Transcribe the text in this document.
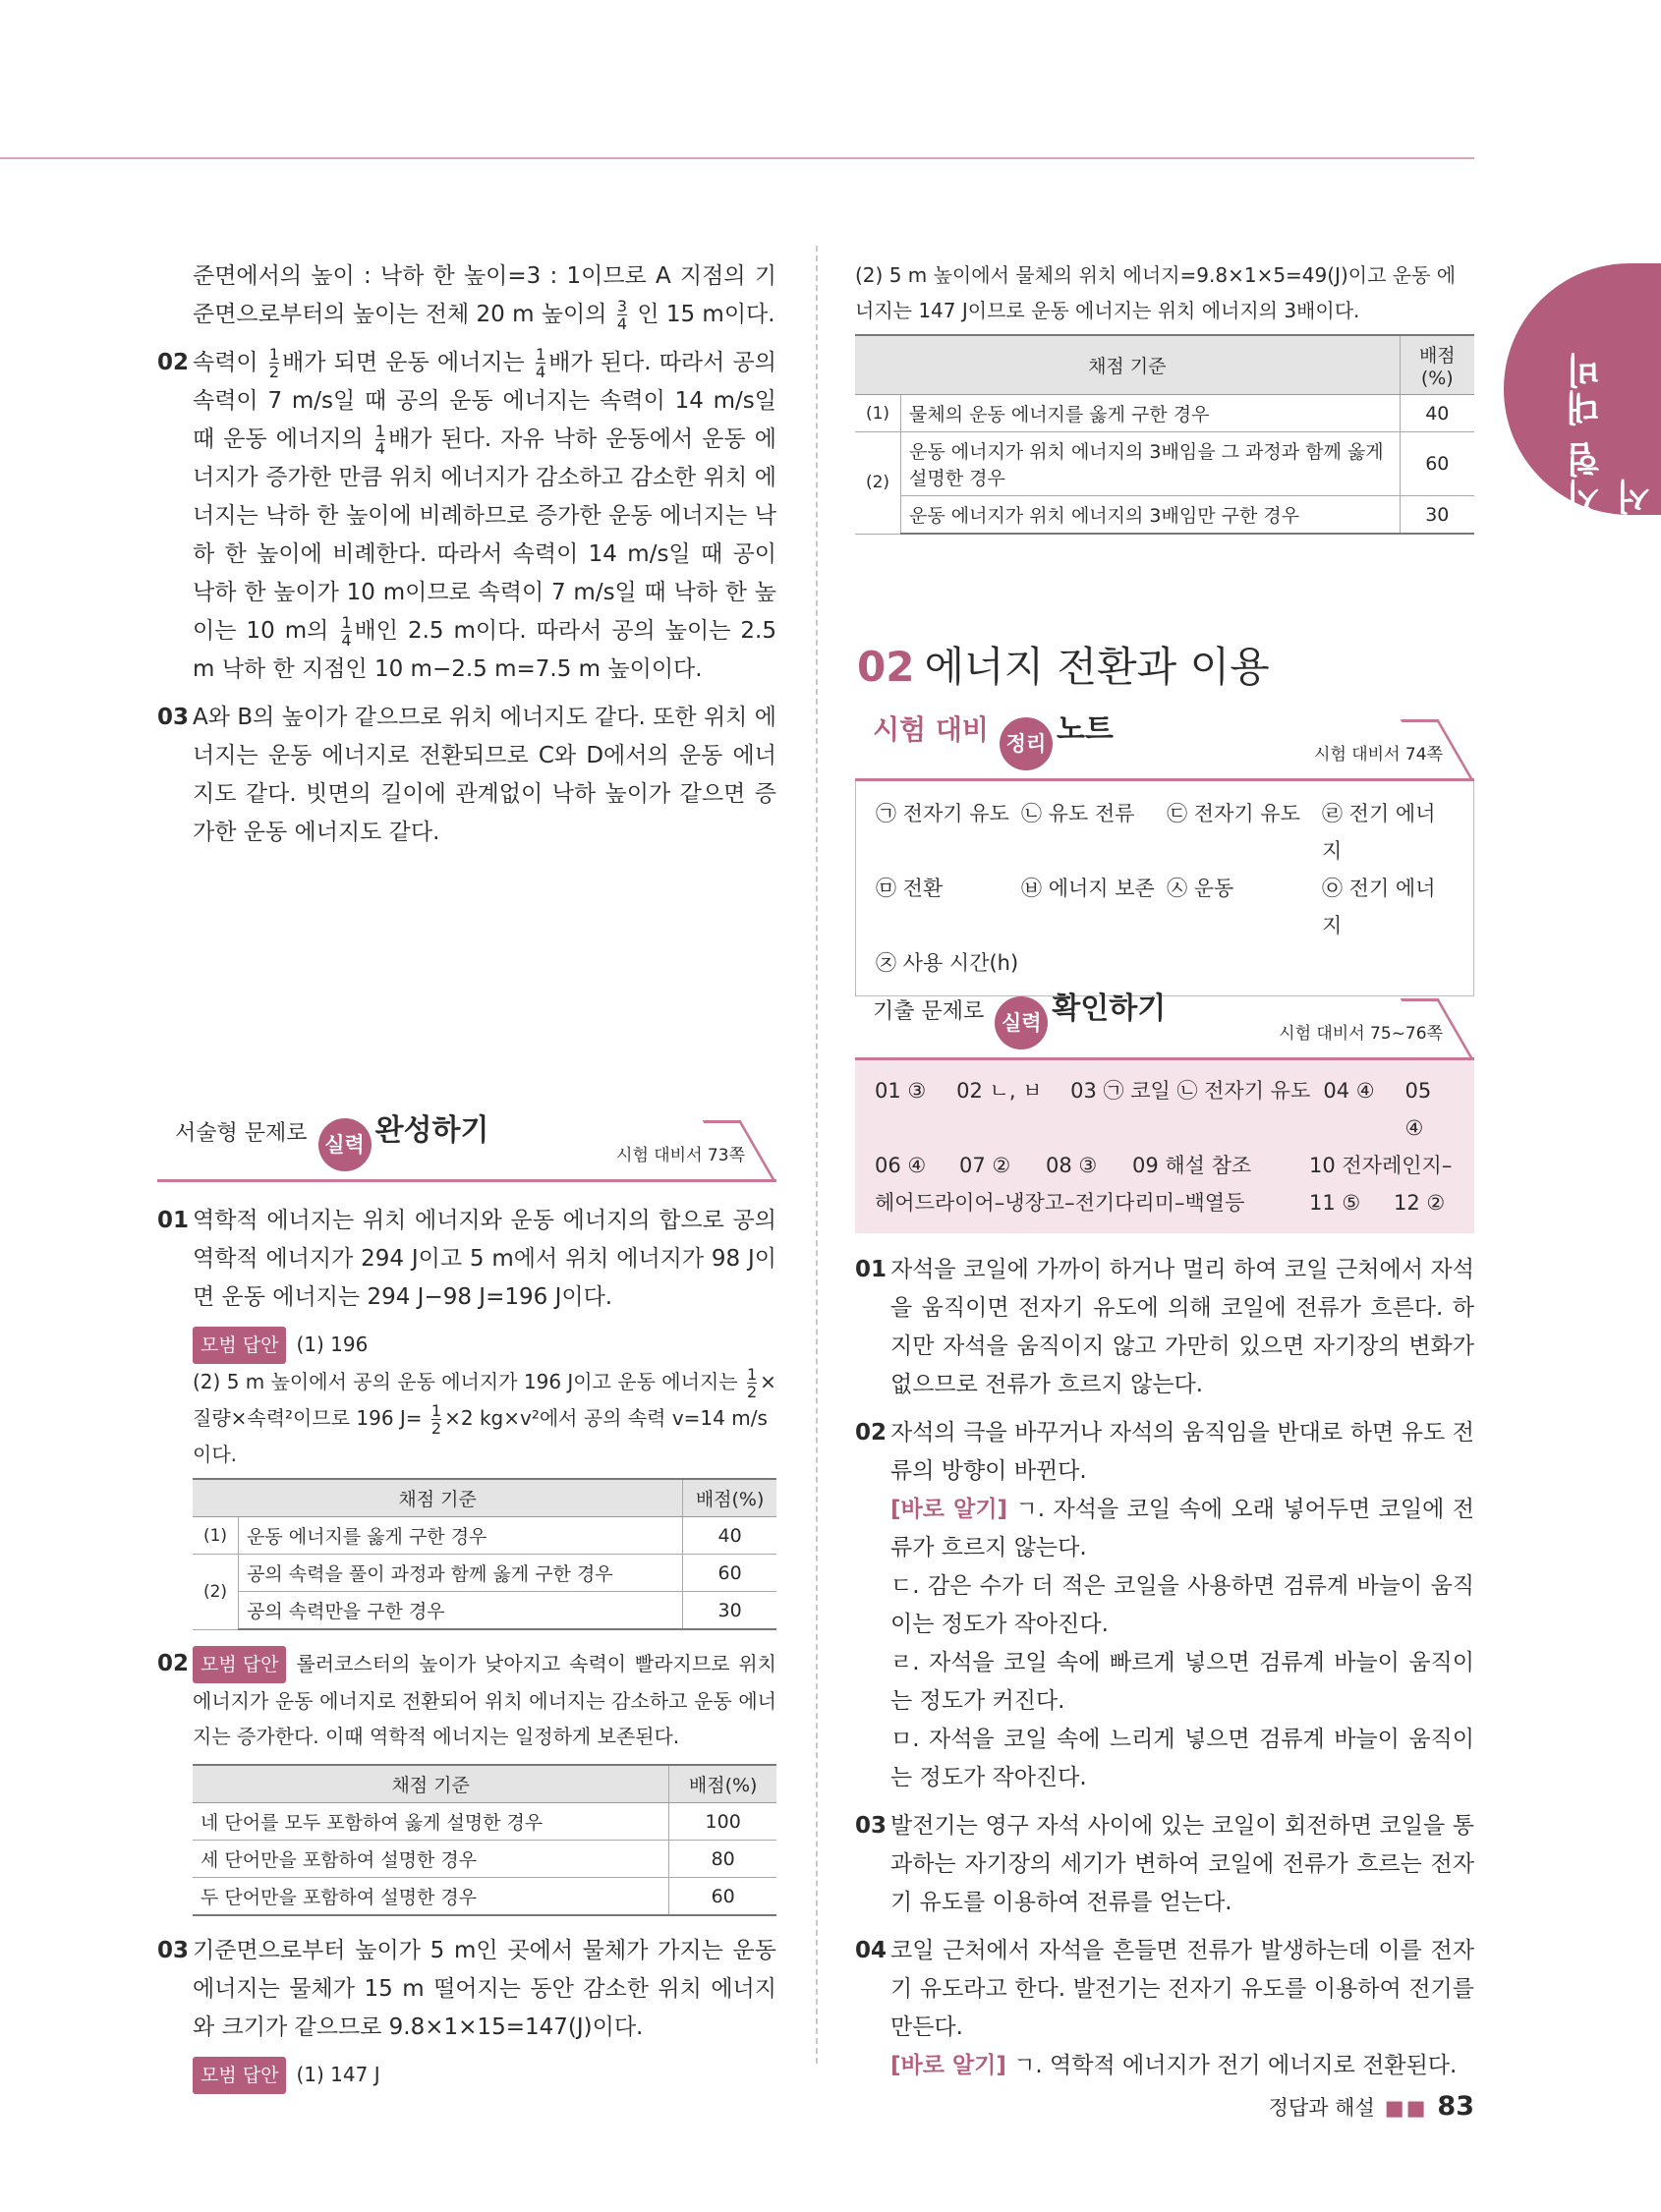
시험 대비서

준면에서의 높이 : 낙하 한 높이=3 : 1이므로 A 지점의 기준면으로부터의 높이는 전체 20 m 높이의 $\frac{3}{4}$ 인 15 m이다.

02 속력이 $\frac{1}{2}$ 배가 되면 운동 에너지는 $\frac{1}{4}$ 배가 된다. 따라서 공의 속력이 7 m/s일 때 공의 운동 에너지는 속력이 14 m/s일 때 운동 에너지의 $\frac{1}{4}$ 배가 된다. 자유 낙하 운동에서 운동 에너지가 증가한 만큼 위치 에너지가 감소하고 감소한 위치 에너지는 낙하 한 높이에 비례하므로 증가한 운동 에너지는 낙하 한 높이에 비례한다. 따라서 속력이 14 m/s일 때 공이 낙하 한 높이가 10 m이므로 속력이 7 m/s일 때 낙하 한 높이는 10 m의 $\frac{1}{4}$ 배인 2.5 m이다. 따라서 공의 높이는 2.5 m 낙하 한 지점인 10 m−2.5 m=7.5 m 높이이다.

03 A와 B의 높이가 같으므로 위치 에너지도 같다. 또한 위치 에너지는 운동 에너지로 전환되므로 C와 D에서의 운동 에너지도 같다. 빗면의 길이에 관계없이 낙하 높이가 같으면 증가한 운동 에너지도 같다.

서술형 문제로 실력 완성하기
시험 대비서 73쪽

01 역학적 에너지는 위치 에너지와 운동 에너지의 합으로 공의 역학적 에너지가 294 J이고 5 m에서 위치 에너지가 98 J이면 운동 에너지는 294 J−98 J=196 J이다.

모범 답안 (1) 196
(2) 5 m 높이에서 공의 운동 에너지가 196 J이고 운동 에너지는 $\frac{1}{2}$ × 질량×속력²이므로 196 $J= \frac{1}{2} \times 2$ kg×v²에서 공의 속력 v=14 m/s이다.
채점 기준		배점(%)
(1)	운동 에너지를 옳게 구한 경우	40
(2)	공의 속력을 풀이 과정과 함께 옳게 구한 경우	60
	공의 속력만을 구한 경우	30

02 모범 답안 롤러코스터의 높이가 낮아지고 속력이 빨라지므로 위치 에너지가 운동 에너지로 전환되어 위치 에너지는 감소하고 운동 에너지는 증가한다. 이때 역학적 에너지는 일정하게 보존된다.

채점 기준	배점(%)
네 단어를 모두 포함하여 옳게 설명한 경우	100
세 단어만을 포함하여 설명한 경우	80
두 단어만을 포함하여 설명한 경우	60

03 기준면으로부터 높이가 5 m인 곳에서 물체가 가지는 운동 에너지는 물체가 15 m 떨어지는 동안 감소한 위치 에너지와 크기가 같으므로 9.8×1×15=147(J)이다.

모범 답안 (1) 147 J
(2) 5 m 높이에서 물체의 위치 에너지=9.8×1×5=49(J)이고 운동 에너지는 147 J이므로 운동 에너지는 위치 에너지의 3배이다.
채점 기준		배점(%)
(1)	물체의 운동 에너지를 옳게 구한 경우	40
(2)	운동 에너지가 위치 에너지의 3배임을 그 과정과 함께 옳게 설명한 경우	60
	운동 에너지가 위치 에너지의 3배임만 구한 경우	30
02 에너지 전환과 이용
시험 대비 정리 노트
시험 대비서 74쪽
㉠ 전자기 유도 ㉡ 유도 전류	㉢ 전자기 유도	㉣ 전기 에너지
㉤ 전환	㉥ 에너지 보존 ㉦ 운동	㉧ 전기 에너지
㉨ 사용 시간(h)
기출 문제로 실력 확인하기
시험 대비서 75~76쪽
01 ③	02 ㄴ, ㅂ	03 ㉠ 코일 ㉡ 전자기 유도 04 ④	05 ④
06 ④	07 ②	08 ③	09 해설 참조	10 전자레인지–
헤어드라이어–냉장고–전기다리미–백열등	11 ⑤	12 ②

01 자석을 코일에 가까이 하거나 멀리 하여 코일 근처에서 자석을 움직이면 전자기 유도에 의해 코일에 전류가 흐른다. 하지만 자석을 움직이지 않고 가만히 있으면 자기장의 변화가 없으므로 전류가 흐르지 않는다.

02 자석의 극을 바꾸거나 자석의 움직임을 반대로 하면 유도 전류의 방향이 바뀐다.

[바로 알기] ㄱ. 자석을 코일 속에 오래 넣어두면 코일에 전류가 흐르지 않는다.

ㄷ. 감은 수가 더 적은 코일을 사용하면 검류계 바늘이 움직이는 정도가 작아진다.

ㄹ. 자석을 코일 속에 빠르게 넣으면 검류계 바늘이 움직이는 정도가 커진다.

ㅁ. 자석을 코일 속에 느리게 넣으면 검류계 바늘이 움직이는 정도가 작아진다.

03 발전기는 영구 자석 사이에 있는 코일이 회전하면 코일을 통과하는 자기장의 세기가 변하여 코일에 전류가 흐르는 전자기 유도를 이용하여 전류를 얻는다.

04 코일 근처에서 자석을 흔들면 전류가 발생하는데 이를 전자기 유도라고 한다. 발전기는 전자기 유도를 이용하여 전기를 만든다.

[바로 알기] ㄱ. 역학적 에너지가 전기 에너지로 전환된다.

정답과 해설 ■■ 83
